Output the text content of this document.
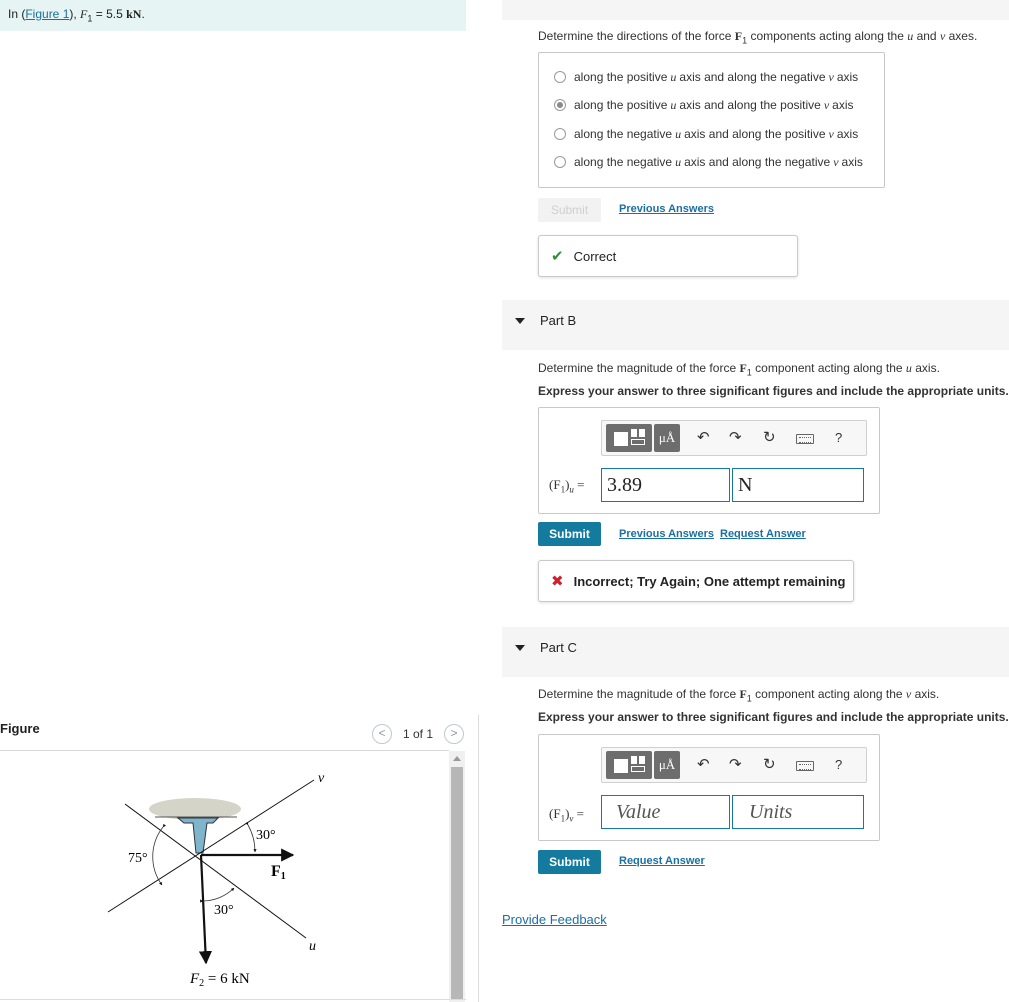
In (Figure 1), $F_1 = 5.5$ kN.
Figure	<	1 of 1	>
v
u
30°
75°
30°
F1
$F_2 = 6$ kN
Determine the directions of the force $F_1$ components acting along the u and v axes.
along the positive u axis and along the negative v axis
along the positive u axis and along the positive v axis
along the negative u axis and along the positive v axis
along the negative u axis and along the negative v axis
Submit	Previous Answers
✔ Correct
Part B
Determine the magnitude of the force $F_1$ component acting along the u axis.
Express your answer to three significant figures and include the appropriate units.
μÅ	↶ ↷ ↻	?
$(F_1)_u$ =	3.89	N
Submit	Previous Answers Request Answer
✖ Incorrect; Try Again; One attempt remaining
Part C
Determine the magnitude of the force $F_1$ component acting along the v axis.
Express your answer to three significant figures and include the appropriate units.
μÅ	↶ ↷ ↻	?
$(F_1)_v$ =	Value	Units
Submit	Request Answer
Provide Feedback
